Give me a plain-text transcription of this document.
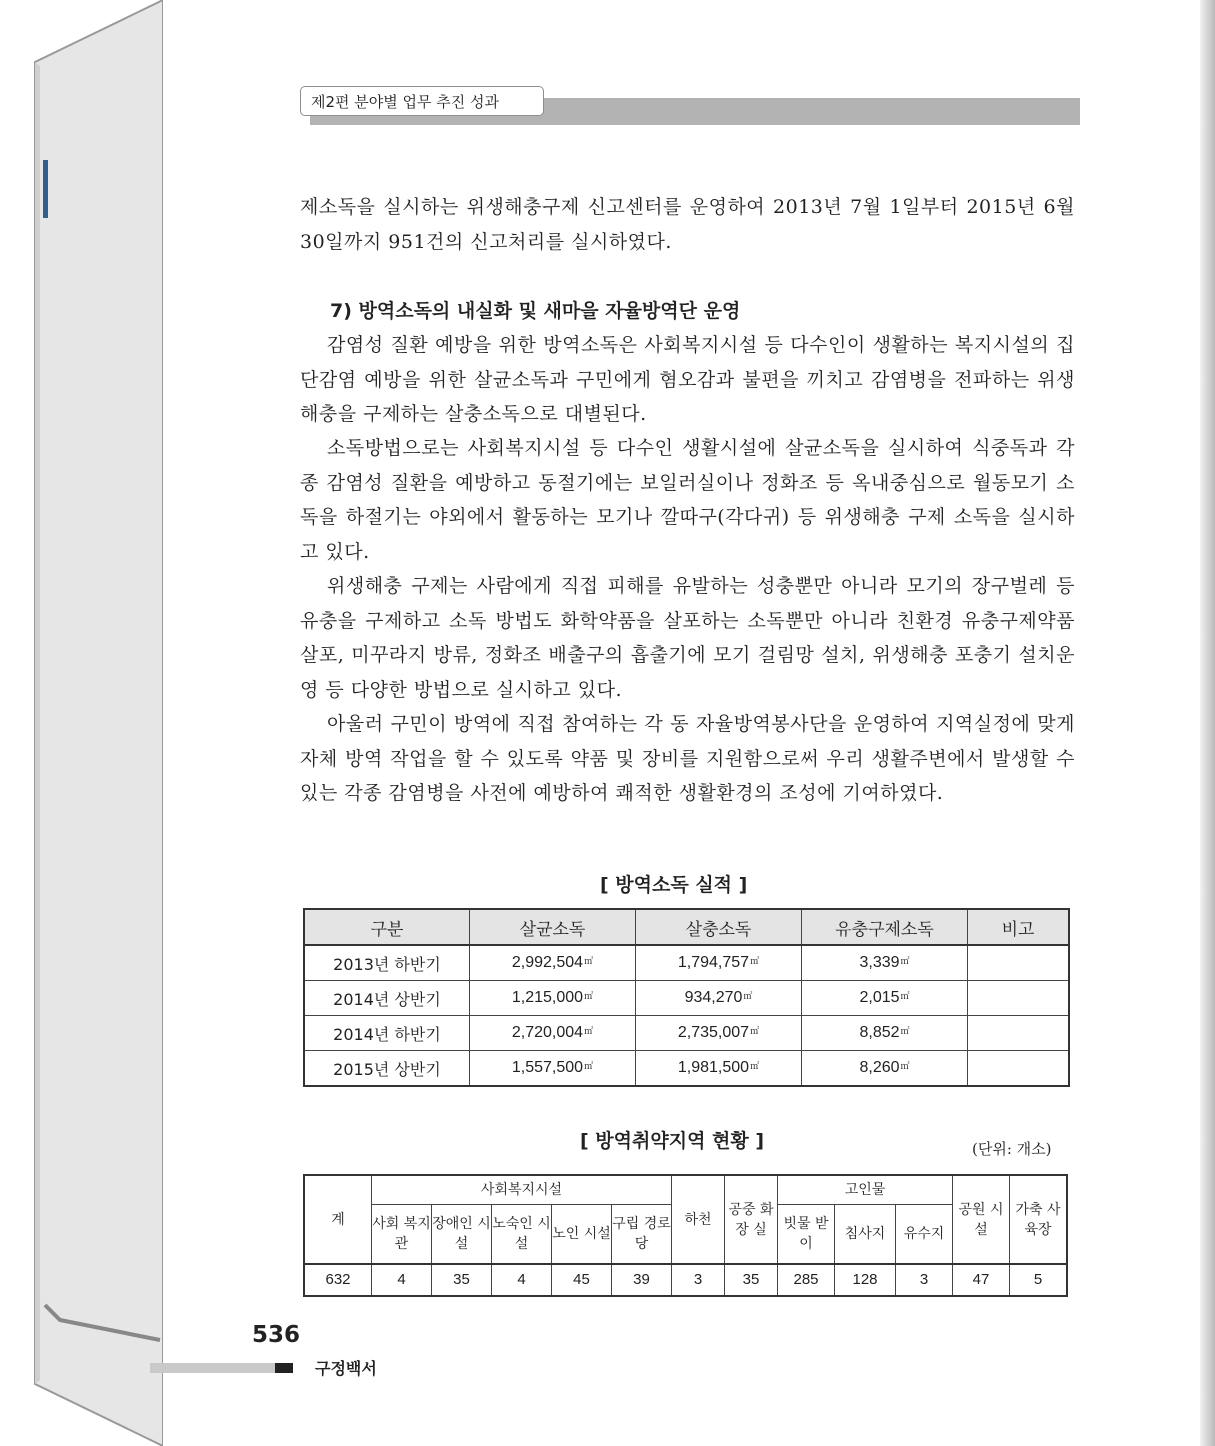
제2편 분야별 업무 추진 성과

제소독을 실시하는 위생해충구제 신고센터를 운영하여 2013년 7월 1일부터 2015년 6월 30일까지 951건의 신고처리를 실시하였다.

7) 방역소독의 내실화 및 새마을 자율방역단 운영

감염성 질환 예방을 위한 방역소독은 사회복지시설 등 다수인이 생활하는 복지시설의 집단감염 예방을 위한 살균소독과 구민에게 혐오감과 불편을 끼치고 감염병을 전파하는 위생해충을 구제하는 살충소독으로 대별된다.

소독방법으로는 사회복지시설 등 다수인 생활시설에 살균소독을 실시하여 식중독과 각종 감염성 질환을 예방하고 동절기에는 보일러실이나 정화조 등 옥내중심으로 월동모기 소독을 하절기는 야외에서 활동하는 모기나 깔따구(각다귀) 등 위생해충 구제 소독을 실시하고 있다.

위생해충 구제는 사람에게 직접 피해를 유발하는 성충뿐만 아니라 모기의 장구벌레 등 유충을 구제하고 소독 방법도 화학약품을 살포하는 소독뿐만 아니라 친환경 유충구제약품 살포, 미꾸라지 방류, 정화조 배출구의 흡출기에 모기 걸림망 설치, 위생해충 포충기 설치운영 등 다양한 방법으로 실시하고 있다.

아울러 구민이 방역에 직접 참여하는 각 동 자율방역봉사단을 운영하여 지역실정에 맞게 자체 방역 작업을 할 수 있도록 약품 및 장비를 지원함으로써 우리 생활주변에서 발생할 수 있는 각종 감염병을 사전에 예방하여 쾌적한 생활환경의 조성에 기여하였다.

[ 방역소독 실적 ]

구분	살균소독	살충소독	유충구제소독	비고
2013년 하반기	2,992,504㎡	1,794,757㎡	3,339㎡	
2014년 상반기	1,215,000㎡	934,270㎡	2,015㎡	
2014년 하반기	2,720,004㎡	2,735,007㎡	8,852㎡	
2015년 상반기	1,557,500㎡	1,981,500㎡	8,260㎡	

[ 방역취약지역 현황 ]	(단위: 개소)

계	사회복지시설					하천	공중 화장 실	고인물			공원 시설	가축 사육장
	사회 복지관	장애인 시설	노숙인 시설	노인 시설	구립 경로당			빗물 받이	침사지	유수지		
632	4	35	4	45	39	3	35	285	128	3	47	5

536

구정백서
